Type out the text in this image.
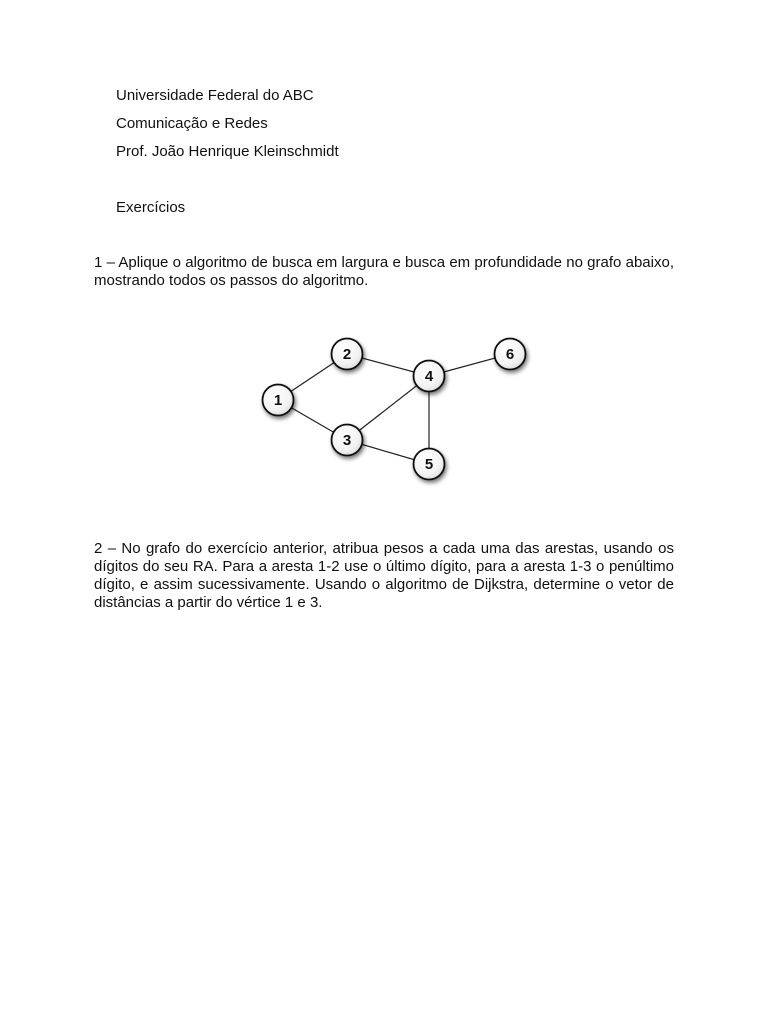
Universidade Federal do ABC
Comunicação e Redes
Prof. João Henrique Kleinschmidt
Exercícios
1 – Aplique o algoritmo de busca em largura e busca em profundidade no grafo abaixo, mostrando todos os passos do algoritmo.
1
2
3
4
5
6
2 – No grafo do exercício anterior, atribua pesos a cada uma das arestas, usando os dígitos do seu RA. Para a aresta 1-2 use o último dígito, para a aresta 1-3 o penúltimo dígito, e assim sucessivamente. Usando o algoritmo de Dijkstra, determine o vetor de distâncias a partir do vértice 1 e 3.
